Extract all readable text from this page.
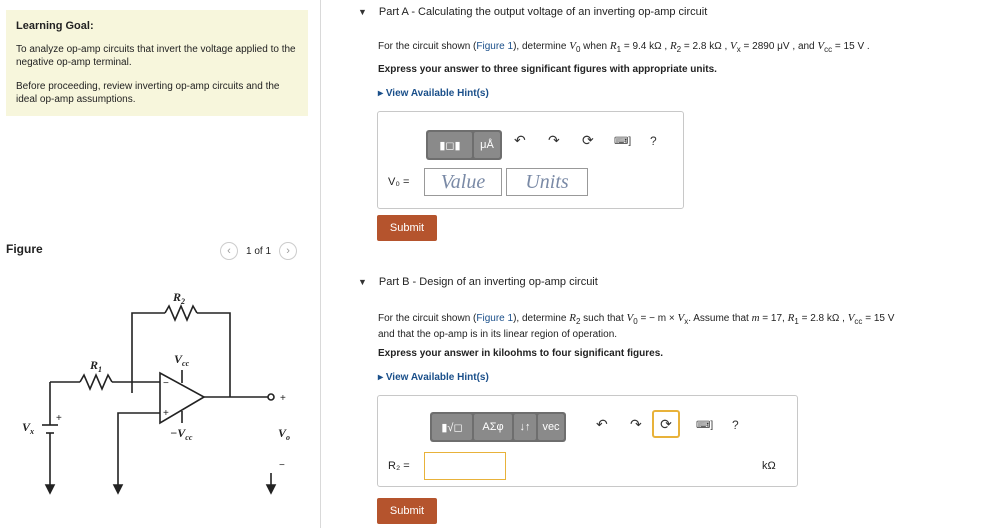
Learning Goal:
To analyze op-amp circuits that invert the voltage applied to the negative op-amp terminal.
Before proceeding, review inverting op-amp circuits and the ideal op-amp assumptions.
Figure	‹	1 of 1	›
$R_2$
$R_1$
$V_{cc}$
$-V_{cc}$
$V_x$	$V_o$
−
+
+
+
−
▼ Part A - Calculating the output voltage of an inverting op-amp circuit
For the circuit shown (Figure 1), determine $V_0$ when $R_1 = 9.4$ kΩ , $R_2 = 2.8$ kΩ , $V_x = 2890$ μV , and $V_{cc} = 15$ V .
Express your answer to three significant figures with appropriate units.
▸ View Available Hint(s)
▮◻▮	μÅ	↶ ↷ ⟳ ⌨] ?
V₀ =	Value	Units
Submit
▼ Part B - Design of an inverting op-amp circuit
For the circuit shown (Figure 1), determine $R_2$ such that $V_0$ = − $m \times V_x$. Assume that m = 17, $R_1 = 2.8$ kΩ , $V_{cc} = 15$ V
and that the op-amp is in its linear region of operation.
Express your answer in kiloohms to four significant figures.
▸ View Available Hint(s)
▮√◻	ΑΣφ	↓↑	vec	↶ ↷	⟳	⌨] ?
R₂ =	kΩ
Submit
